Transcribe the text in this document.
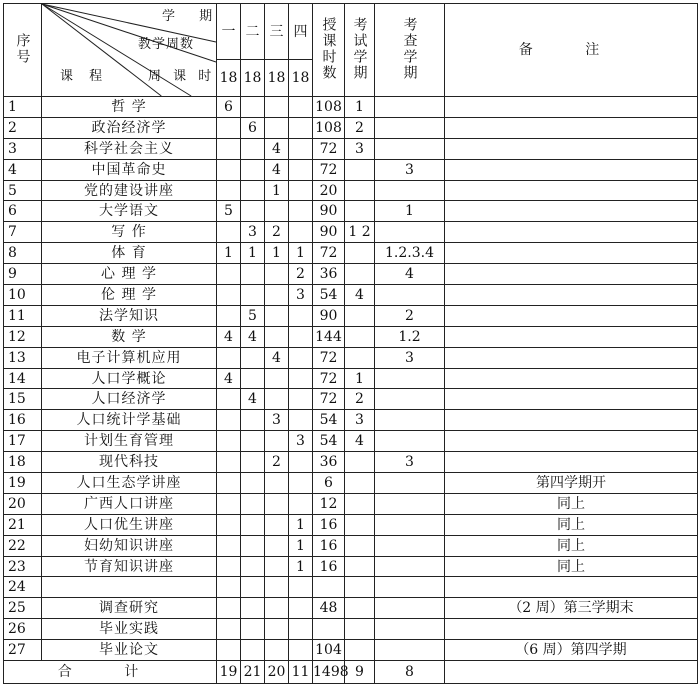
序号	学 期
教学周数
课 程 周 课 时	一	二	三	四	授课时数	考试学期	考查学期	备 注
		18	18	18	18				
1	哲 学	6				108	1		
2	政治经济学		6			108	2		
3	科学社会主义			4		72	3		
4	中国革命史			4		72		3	
5	党的建设讲座			1		20			
6	大学语文	5				90		1	
7	写 作		3	2		90	1 2		
8	体 育	1	1	1	1	72		1.2.3.4	
9	心 理 学				2	36		4	
10	伦 理 学				3	54	4		
11	法学知识		5			90		2	
12	数 学	4	4			144		1.2	
13	电子计算机应用			4		72		3	
14	人口学概论	4				72	1		
15	人口经济学		4			72	2		
16	人口统计学基础			3		54	3		
17	计划生育管理				3	54	4		
18	现代科技			2		36		3	
19	人口生态学讲座					6			第四学期开
20	广西人口讲座					12			同上
21	人口优生讲座				1	16			同上
22	妇幼知识讲座				1	16			同上
23	节育知识讲座				1	16			同上
24									
25	调查研究					48			（2 周）第三学期末
26	毕业实践								
27	毕业论文					104			（6 周）第四学期
合 计		19	21	20	11	1498	9	8	
